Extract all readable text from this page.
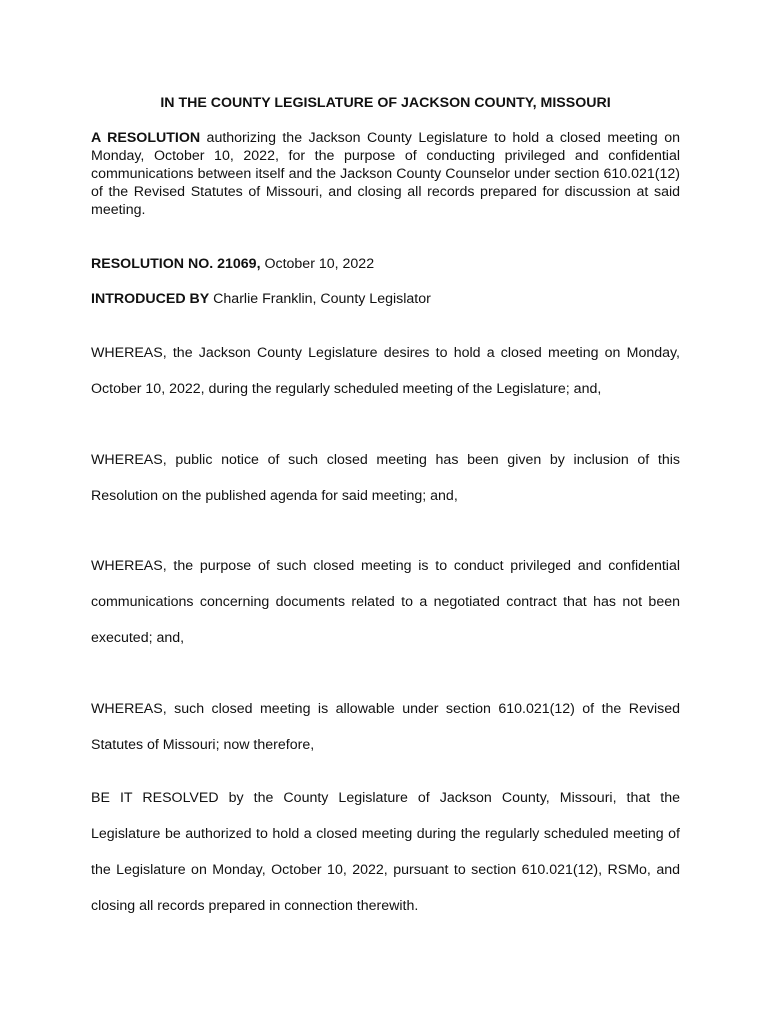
IN THE COUNTY LEGISLATURE OF JACKSON COUNTY, MISSOURI

A RESOLUTION authorizing the Jackson County Legislature to hold a closed meeting on Monday, October 10, 2022, for the purpose of conducting privileged and confidential communications between itself and the Jackson County Counselor under section 610.021(12) of the Revised Statutes of Missouri, and closing all records prepared for discussion at said meeting.

RESOLUTION NO. 21069, October 10, 2022

INTRODUCED BY Charlie Franklin, County Legislator

WHEREAS, the Jackson County Legislature desires to hold a closed meeting on Monday, October 10, 2022, during the regularly scheduled meeting of the Legislature; and,

WHEREAS, public notice of such closed meeting has been given by inclusion of this Resolution on the published agenda for said meeting; and,

WHEREAS, the purpose of such closed meeting is to conduct privileged and confidential communications concerning documents related to a negotiated contract that has not been executed; and,

WHEREAS, such closed meeting is allowable under section 610.021(12) of the Revised Statutes of Missouri; now therefore,

BE IT RESOLVED by the County Legislature of Jackson County, Missouri, that the Legislature be authorized to hold a closed meeting during the regularly scheduled meeting of the Legislature on Monday, October 10, 2022, pursuant to section 610.021(12), RSMo, and closing all records prepared in connection therewith.
